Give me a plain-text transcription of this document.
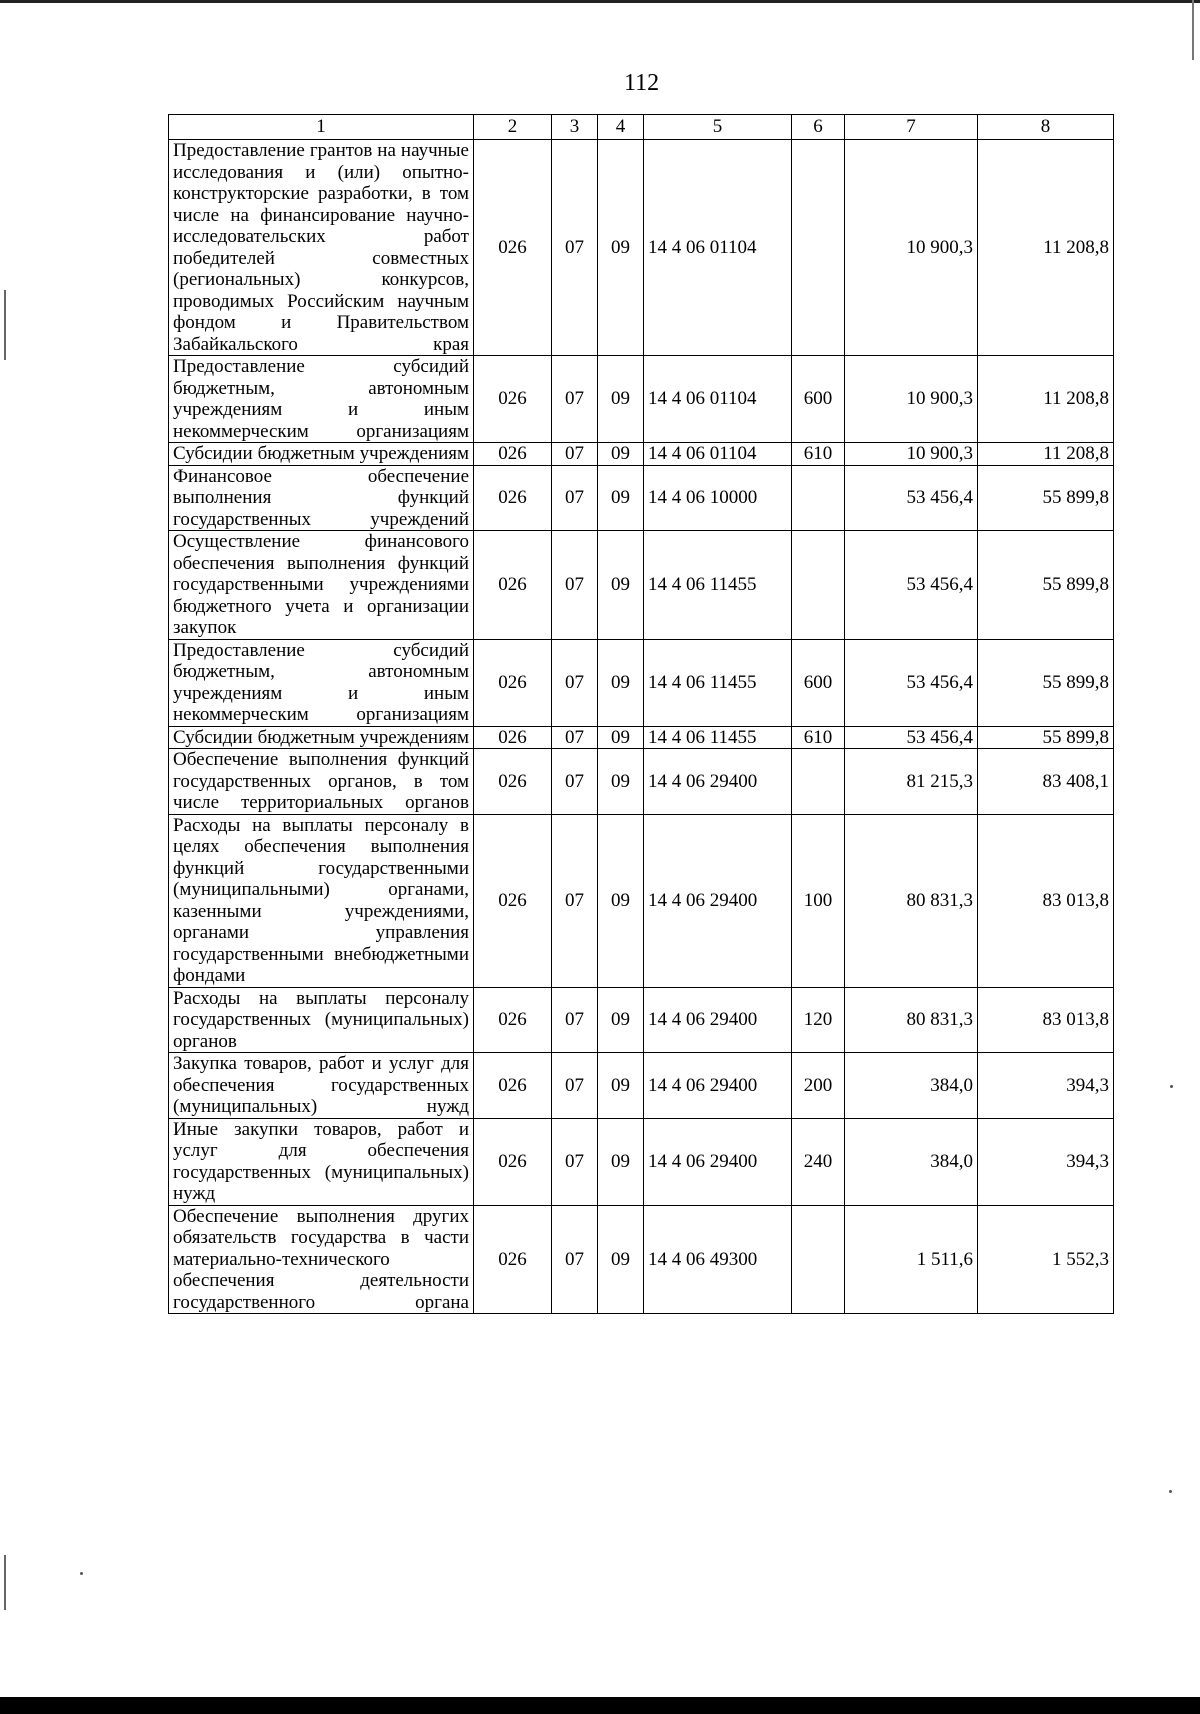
112
1	2	3	4	5	6	7	8
Предоставление грантов на научные исследования и (или) опытно-конструкторские разработки, в том числе на финансирование научно-исследовательских работ победителей совместных (региональных) конкурсов, проводимых Российским научным фондом и Правительством Забайкальского края	026	07	09	14 4 06 01104		10 900,3	11 208,8
Предоставление субсидий бюджетным, автономным учреждениям и иным некоммерческим организациям	026	07	09	14 4 06 01104	600	10 900,3	11 208,8
Субсидии бюджетным учреждениям	026	07	09	14 4 06 01104	610	10 900,3	11 208,8
Финансовое обеспечение выполнения функций государственных учреждений	026	07	09	14 4 06 10000		53 456,4	55 899,8
Осуществление финансового обеспечения выполнения функций государственными учреждениями бюджетного учета и организации закупок	026	07	09	14 4 06 11455		53 456,4	55 899,8
Предоставление субсидий бюджетным, автономным учреждениям и иным некоммерческим организациям	026	07	09	14 4 06 11455	600	53 456,4	55 899,8
Субсидии бюджетным учреждениям	026	07	09	14 4 06 11455	610	53 456,4	55 899,8
Обеспечение выполнения функций государственных органов, в том числе территориальных органов	026	07	09	14 4 06 29400		81 215,3	83 408,1
Расходы на выплаты персоналу в целях обеспечения выполнения функций государственными (муниципальными) органами, казенными учреждениями, органами управления государственными внебюджетными фондами	026	07	09	14 4 06 29400	100	80 831,3	83 013,8
Расходы на выплаты персоналу государственных (муниципальных) органов	026	07	09	14 4 06 29400	120	80 831,3	83 013,8
Закупка товаров, работ и услуг для обеспечения государственных (муниципальных) нужд	026	07	09	14 4 06 29400	200	384,0	394,3
Иные закупки товаров, работ и услуг для обеспечения государственных (муниципальных) нужд	026	07	09	14 4 06 29400	240	384,0	394,3
Обеспечение выполнения других обязательств государства в части материально-технического обеспечения деятельности государственного органа	026	07	09	14 4 06 49300		1 511,6	1 552,3
